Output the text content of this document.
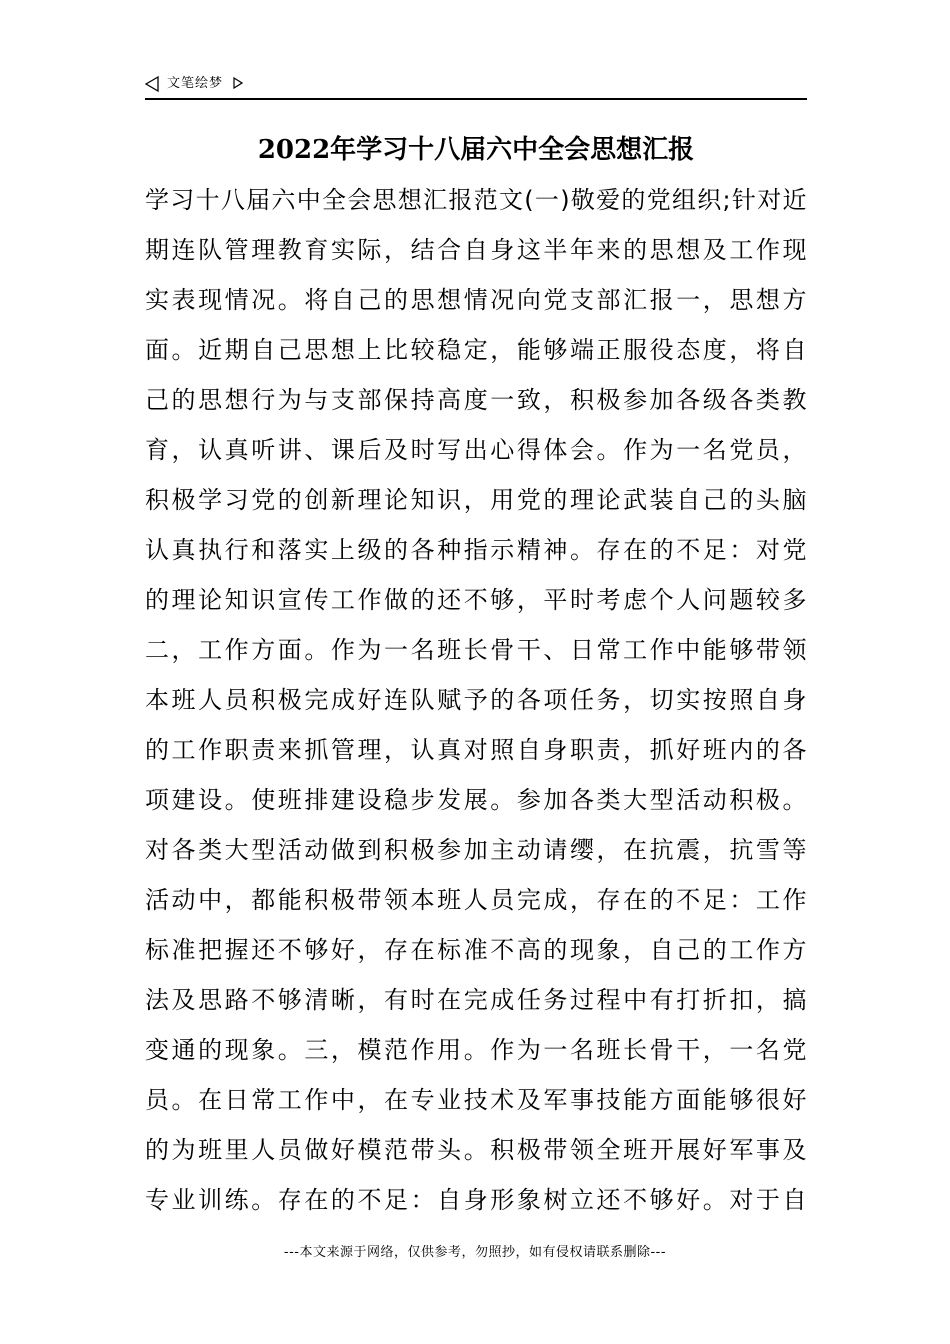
文笔绘梦
2022年学习十八届六中全会思想汇报
学习十八届六中全会思想汇报范文(一)敬爱的党组织;针对近
期连队管理教育实际，结合自身这半年来的思想及工作现
实表现情况。将自己的思想情况向党支部汇报一，思想方
面。近期自己思想上比较稳定，能够端正服役态度，将自
己的思想行为与支部保持高度一致，积极参加各级各类教
育，认真听讲、课后及时写出心得体会。作为一名党员，
积极学习党的创新理论知识，用党的理论武装自己的头脑
认真执行和落实上级的各种指示精神。存在的不足：对党
的理论知识宣传工作做的还不够，平时考虑个人问题较多
二，工作方面。作为一名班长骨干、日常工作中能够带领
本班人员积极完成好连队赋予的各项任务，切实按照自身
的工作职责来抓管理，认真对照自身职责，抓好班内的各
项建设。使班排建设稳步发展。参加各类大型活动积极。
对各类大型活动做到积极参加主动请缨，在抗震，抗雪等
活动中，都能积极带领本班人员完成，存在的不足：工作
标准把握还不够好，存在标准不高的现象，自己的工作方
法及思路不够清晰，有时在完成任务过程中有打折扣，搞
变通的现象。三，模范作用。作为一名班长骨干，一名党
员。在日常工作中，在专业技术及军事技能方面能够很好
的为班里人员做好模范带头。积极带领全班开展好军事及
专业训练。存在的不足：自身形象树立还不够好。对于自
---本文来源于网络，仅供参考，勿照抄，如有侵权请联系删除---
